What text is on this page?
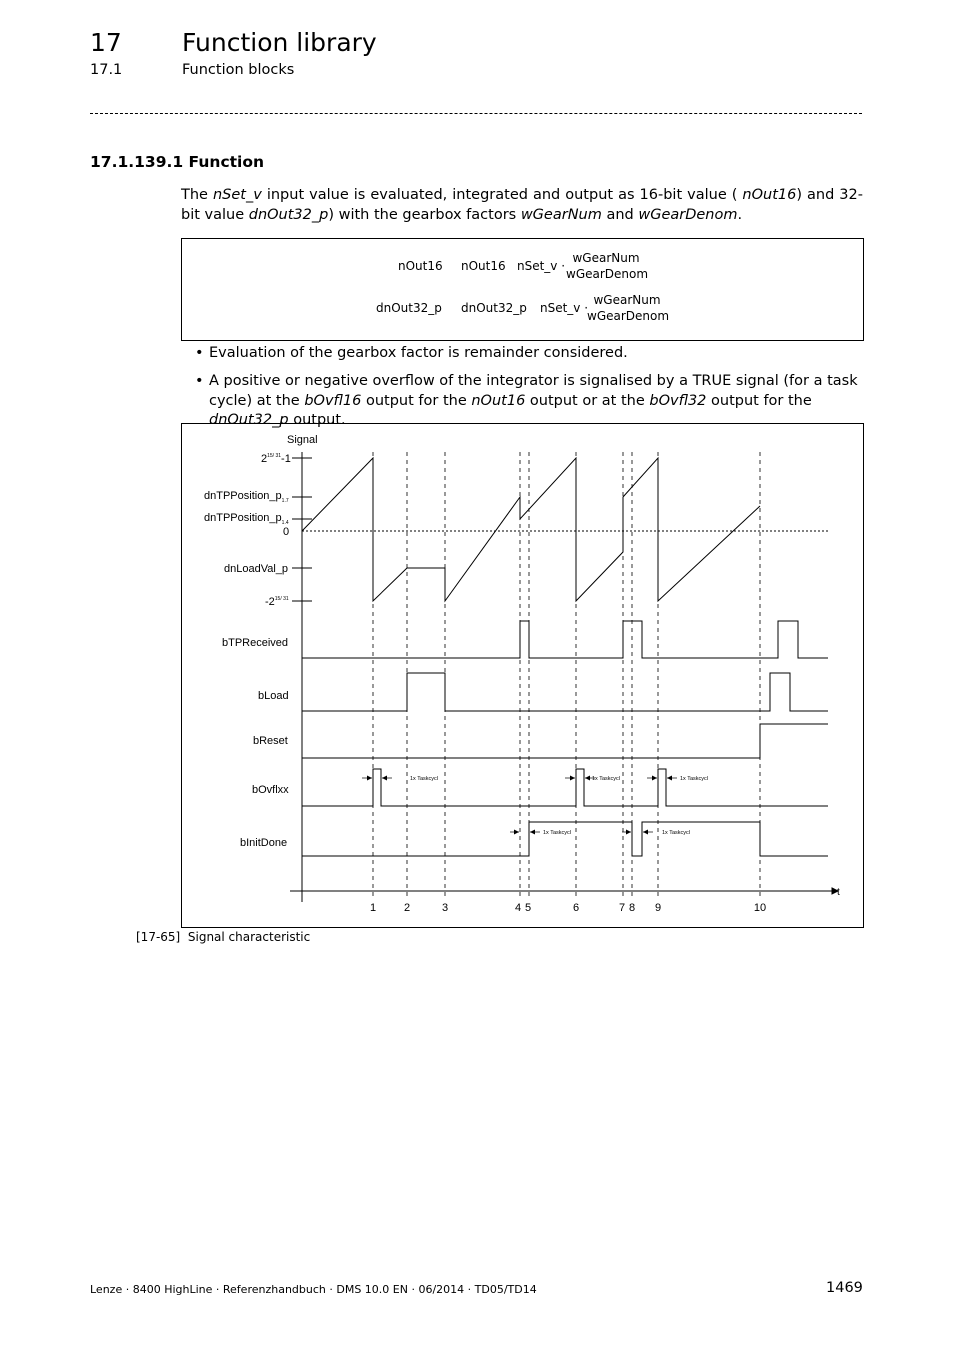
17 Function library
17.1	Function blocks
17.1.139.1 Function
The nSet_v input value is evaluated, integrated and output as 16-bit value ( nOut16) and 32-bit value dnOut32_p) with the gearbox factors wGearNum and wGearDenom.
nOut16 nOut16 nSet_v ·
wGearNum
wGearDenom
dnOut32_p dnOut32_p nSet_v ·
wGearNum
wGearDenom
• Evaluation of the gearbox factor is remainder considered.
• A positive or negative overflow of the integrator is signalised by a TRUE signal (for a task cycle) at the bOvfl16 output for the nOut16 output or at the bOvfl32 output for the dnOut32_p output.
Signal
t
$2^{15/ 31}-1$
$dnTPPosition\_p_{1.7}$
$dnTPPosition\_p_{1.4}$
0
dnLoadVal_p
$-2^{15/ 31}$
bTPReceived
bLoad
bReset
bOvflxx
bInitDone
1x Taskcycl	1x Taskcycl	1x Taskcycl
1x Taskcycl	1x Taskcycl
1	2	3	4 5	6	7 8 9	10
[17-65] Signal characteristic
Lenze · 8400 HighLine · Referenzhandbuch · DMS 10.0 EN · 06/2014 · TD05/TD14	1469
